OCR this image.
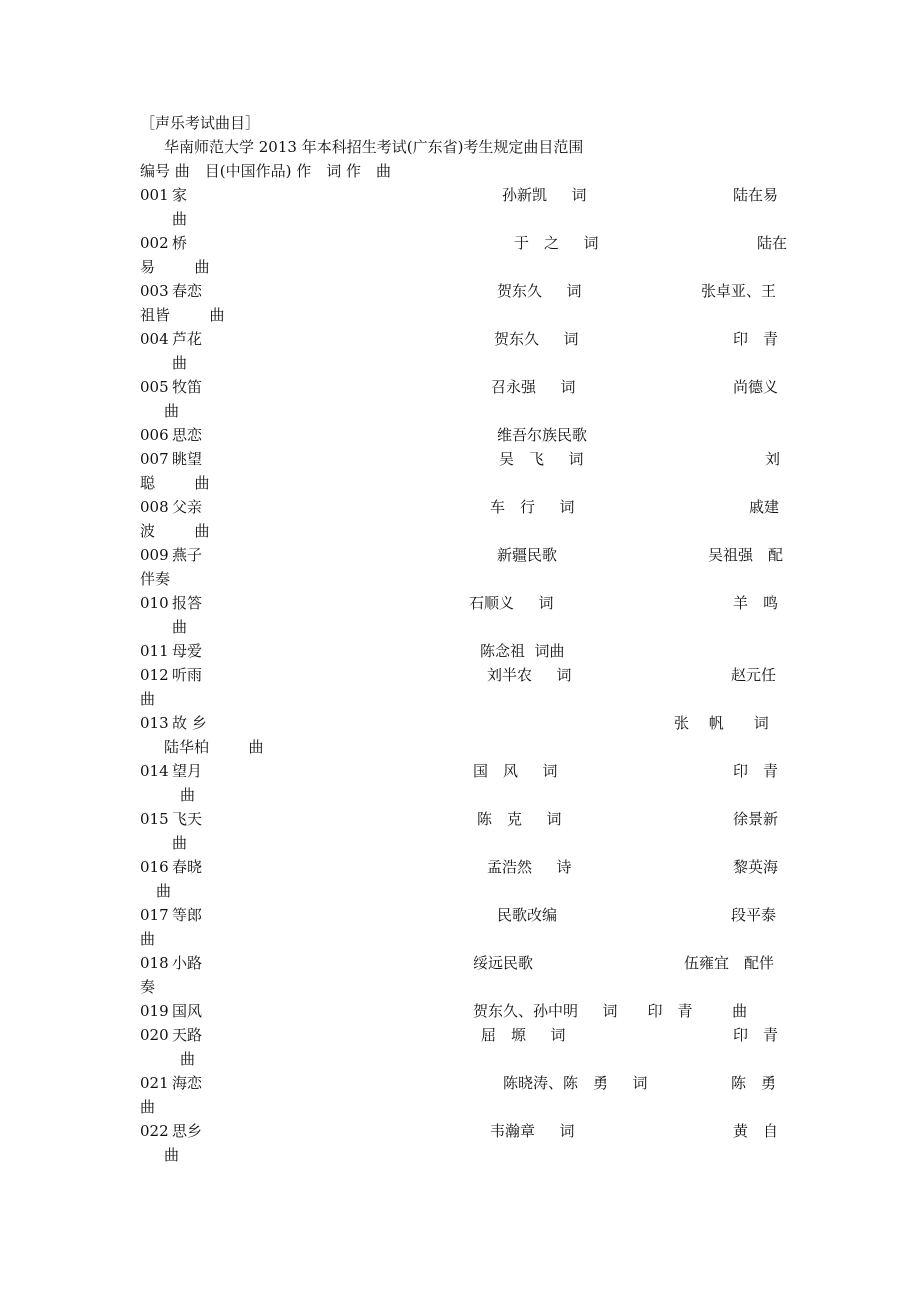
［声乐考试曲目］
华南师范大学 2013 年本科招生考试(广东省)考生规定曲目范围
编号 曲　目(中国作品) 作　词 作　曲
001 家	孙新凯　  词	陆在易
曲
002 桥	于　之　  词	陆在
易　　  曲
003 春恋	贺东久　  词	张卓亚、王
祖皆　　  曲
004 芦花	贺东久　  词	印　青
曲
005 牧笛	召永强　  词	尚德义
曲
006 思恋	维吾尔族民歌
007 眺望	吴　飞　  词	刘
聪　　  曲
008 父亲	车　行　  词	戚建
波　　  曲
009 燕子	新疆民歌	吴祖强　配
伴奏
010 报答	石顺义　  词	羊　鸣
曲
011 母爱	陈念祖  词曲
012 听雨	刘半农　  词	赵元任
曲
013 故 乡	张　 帆　　词
陆华柏　　  曲
014 望月	国　风　  词	印　青
曲
015 飞天	陈　克　  词	徐景新
曲
016 春晓	孟浩然　  诗	黎英海
曲
017 等郎	民歌改编	段平泰
曲
018 小路	绥远民歌	伍雍宜　配伴
奏
019 国风	贺东久、孙中明　  词　　印　青　　  曲
020 天路	屈　塬　  词	印　青
曲
021 海恋	陈晓涛、陈　勇　  词	陈　勇
曲
022 思乡	韦瀚章　  词	黄　自
曲
